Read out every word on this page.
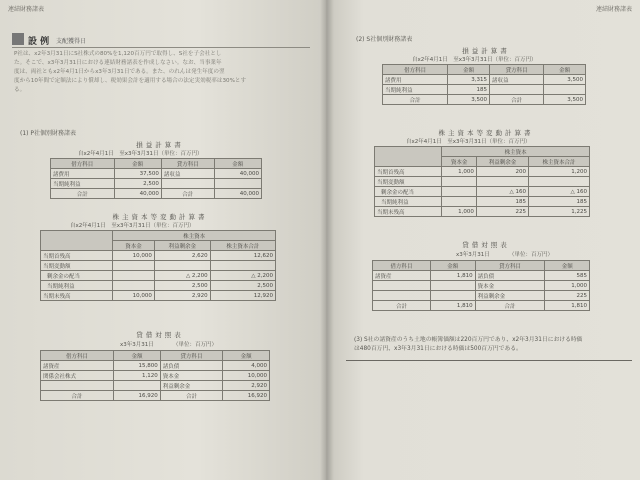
連結財務諸表
設 例 支配獲得日
P社は、x2年3月31日にS社株式の80%を1,120百万円で取得し、S社を子会社とし
た。そこで、x3年3月31日における連結財務諸表を作成しなさい。なお、当事業年
度は、両社ともx2年4月1日からx3年3月31日である。また、のれんは発生年度の翌
度から10年間で定額法により償却し、税効果会計を適用する場合の法定実効税率は30%とす
る。
(1) P社個別財務諸表
損益計算書
自x2年4月1日　至x3年3月31日（単位：百万円）
借方科目	金額	貸方科目	金額
諸費用	37,500	諸収益	40,000
当期純利益	2,500		
合計	40,000	合計	40,000
株主資本等変動計算書
自x2年4月1日　至x3年3月31日（単位：百万円）
	株主資本		
	資本金	利益剰余金	株主資本合計
当期首残高	10,000	2,620	12,620
当期変動額			
剰余金の配当		△ 2,200	△ 2,200
当期純利益		2,500	2,500
当期末残高	10,000	2,920	12,920
貸借対照表
x3年3月31日　　　　（単位：百万円）
借方科目	金額	貸方科目	金額
諸資産	15,800	諸負債	4,000
関係会社株式	1,120	資本金	10,000
		利益剰余金	2,920
合計	16,920	合計	16,920
連結財務諸表
(2) S社個別財務諸表
損益計算書
自x2年4月1日　至x3年3月31日（単位：百万円）
借方科目	金額	貸方科目	金額
諸費用	3,315	諸収益	3,500
当期純利益	185		
合計	3,500	合計	3,500
株主資本等変動計算書
自x2年4月1日　至x3年3月31日（単位：百万円）
	株主資本		
	資本金	利益剰余金	株主資本合計
当期首残高	1,000	200	1,200
当期変動額			
剰余金の配当		△ 160	△ 160
当期純利益		185	185
当期末残高	1,000	225	1,225
貸借対照表
x3年3月31日　　　　（単位：百万円）
借方科目	金額	貸方科目	金額
諸資産	1,810	諸負債	585
		資本金	1,000
		利益剰余金	225
合計	1,810	合計	1,810
(3) S社の諸資産のうち土地の帳簿価額は220百万円であり、x2年3月31日における時価
は480百万円、x3年3月31日における時価は500百万円である。
